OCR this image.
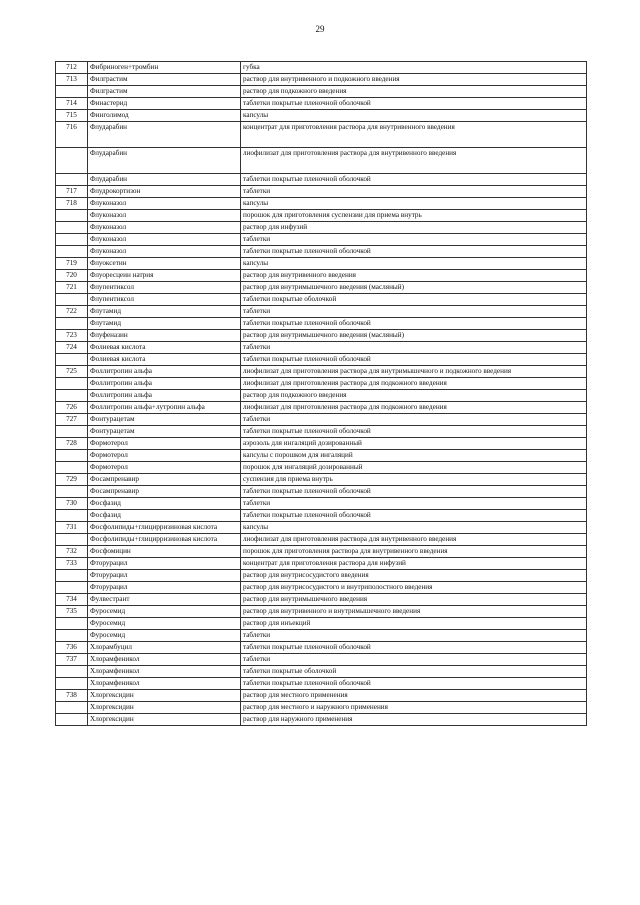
29
712	Фибриноген+тромбин	губка
713	Филграстим	раствор для внутривенного и подкожного введения
	Филграстим	раствор для подкожного введения
714	Финастерид	таблетки покрытые пленочной оболочкой
715	Финголимод	капсулы
716	Флударабин	концентрат для приготовления раствора для внутривенного введения
	Флударабин	лиофилизат для приготовления раствора для внутривенного введения
	Флударабин	таблетки покрытые пленочной оболочкой
717	Флудрокортизон	таблетки
718	Флуконазол	капсулы
	Флуконазол	порошок для приготовления суспензии для приема внутрь
	Флуконазол	раствор для инфузий
	Флуконазол	таблетки
	Флуконазол	таблетки покрытые пленочной оболочкой
719	Флуоксетин	капсулы
720	Флуоресцеин натрия	раствор для внутривенного введения
721	Флупентиксол	раствор для внутримышечного введения (масляный)
	Флупентиксол	таблетки покрытые оболочкой
722	Флутамид	таблетки
	Флутамид	таблетки покрытые пленочной оболочкой
723	Флуфеназин	раствор для внутримышечного введения (масляный)
724	Фолиевая кислота	таблетки
	Фолиевая кислота	таблетки покрытые пленочной оболочкой
725	Фоллитропин альфа	лиофилизат для приготовления раствора для внутримышечного и подкожного введения
	Фоллитропин альфа	лиофилизат для приготовления раствора для подкожного введения
	Фоллитропин альфа	раствор для подкожного введения
726	Фоллитропин альфа+лутропин альфа	лиофилизат для приготовления раствора для подкожного введения
727	Фонтурацетам	таблетки
	Фонтурацетам	таблетки покрытые пленочной оболочкой
728	Формотерол	аэрозоль для ингаляций дозированный
	Формотерол	капсулы с порошком для ингаляций
	Формотерол	порошок для ингаляций дозированный
729	Фосампренавир	суспензия для приема внутрь
	Фосампренавир	таблетки покрытые пленочной оболочкой
730	Фосфазид	таблетки
	Фосфазид	таблетки покрытые пленочной оболочкой
731	Фосфолипиды+глицирризиновая кислота	капсулы
	Фосфолипиды+глицирризиновая кислота	лиофилизат для приготовления раствора для внутривенного введения
732	Фосфомицин	порошок для приготовления раствора для внутривенного введения
733	Фторурацил	концентрат для приготовления раствора для инфузий
	Фторурацил	раствор для внутрисосудистого введения
	Фторурацил	раствор для внутрисосудистого и внутриполостного введения
734	Фулвестрант	раствор для внутримышечного введения
735	Фуросемид	раствор для внутривенного и внутримышечного введения
	Фуросемид	раствор для инъекций
	Фуросемид	таблетки
736	Хлорамбуцил	таблетки покрытые пленочной оболочкой
737	Хлорамфеникол	таблетки
	Хлорамфеникол	таблетки покрытые оболочкой
	Хлорамфеникол	таблетки покрытые пленочной оболочкой
738	Хлоргексидин	раствор для местного применения
	Хлоргексидин	раствор для местного и наружного применения
	Хлоргексидин	раствор для наружного применения
